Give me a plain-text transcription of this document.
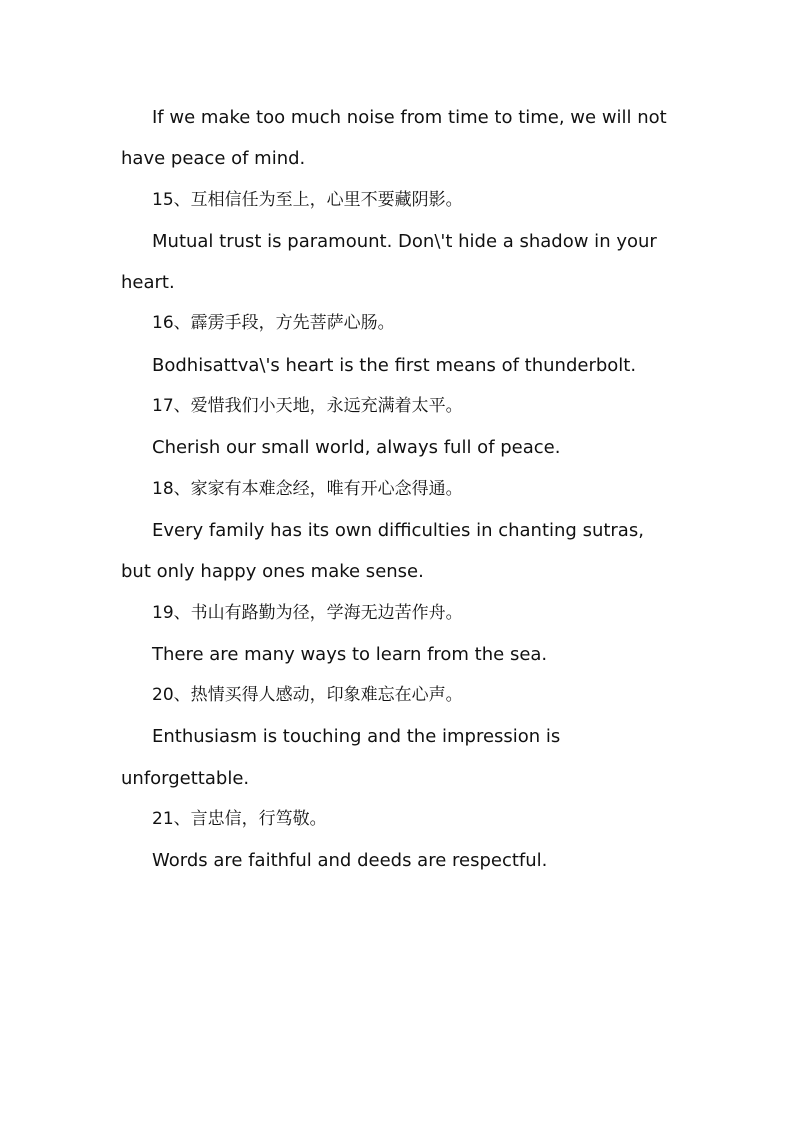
If we make too much noise from time to time, we will not have peace of mind.

15、互相信任为至上，心里不要藏阴影。

Mutual trust is paramount. Don\'t hide a shadow in your heart.

16、霹雳手段，方先菩萨心肠。

Bodhisattva\'s heart is the first means of thunderbolt.

17、爱惜我们小天地，永远充满着太平。

Cherish our small world, always full of peace.

18、家家有本难念经，唯有开心念得通。

Every family has its own difficulties in chanting sutras, but only happy ones make sense.

19、书山有路勤为径，学海无边苦作舟。

There are many ways to learn from the sea.

20、热情买得人感动，印象难忘在心声。

Enthusiasm is touching and the impression is unforgettable.

21、言忠信，行笃敬。

Words are faithful and deeds are respectful.
